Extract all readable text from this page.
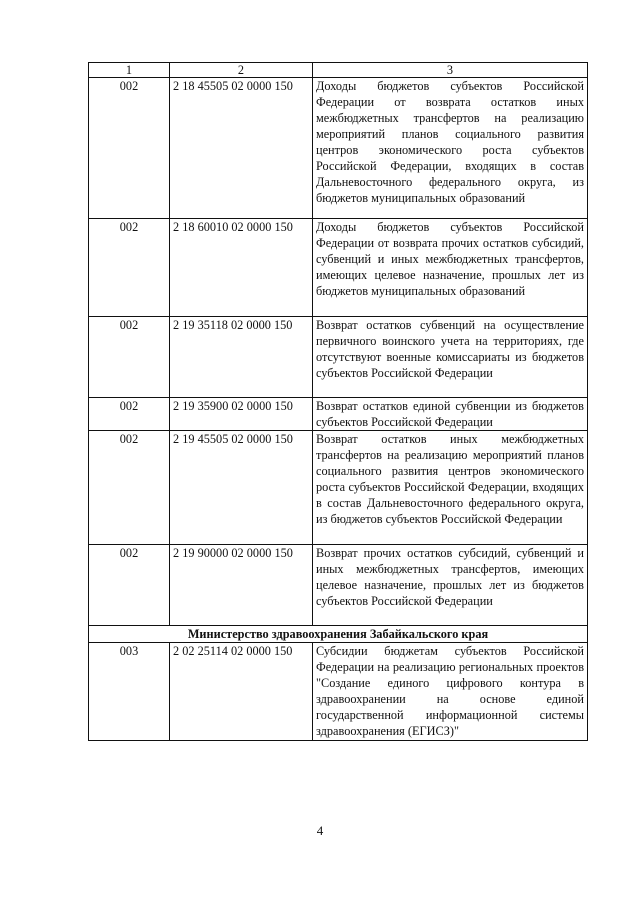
1	2	3
002	2 18 45505 02 0000 150	Доходы бюджетов субъектов Российской Федерации от возврата остатков иных межбюджетных трансфертов на реализацию мероприятий планов социального развития центров экономического роста субъектов Российской Федерации, входящих в состав Дальневосточного федерального округа, из бюджетов муниципальных образований
002	2 18 60010 02 0000 150	Доходы бюджетов субъектов Российской Федерации от возврата прочих остатков субсидий, субвенций и иных межбюджетных трансфертов, имеющих целевое назначение, прошлых лет из бюджетов муниципальных образований
002	2 19 35118 02 0000 150	Возврат остатков субвенций на осуществление первичного воинского учета на территориях, где отсутствуют военные комиссариаты из бюджетов субъектов Российской Федерации
002	2 19 35900 02 0000 150	Возврат остатков единой субвенции из бюджетов субъектов Российской Федерации
002	2 19 45505 02 0000 150	Возврат остатков иных межбюджетных трансфертов на реализацию мероприятий планов социального развития центров экономического роста субъектов Российской Федерации, входящих в состав Дальневосточного федерального округа, из бюджетов субъектов Российской Федерации
002	2 19 90000 02 0000 150	Возврат прочих остатков субсидий, субвенций и иных межбюджетных трансфертов, имеющих целевое назначение, прошлых лет из бюджетов субъектов Российской Федерации
Министерство здравоохранения Забайкальского края		
003	2 02 25114 02 0000 150	Субсидии бюджетам субъектов Российской Федерации на реализацию региональных проектов "Создание единого цифрового контура в здравоохранении на основе единой государственной информационной системы здравоохранения (ЕГИСЗ)"
4
